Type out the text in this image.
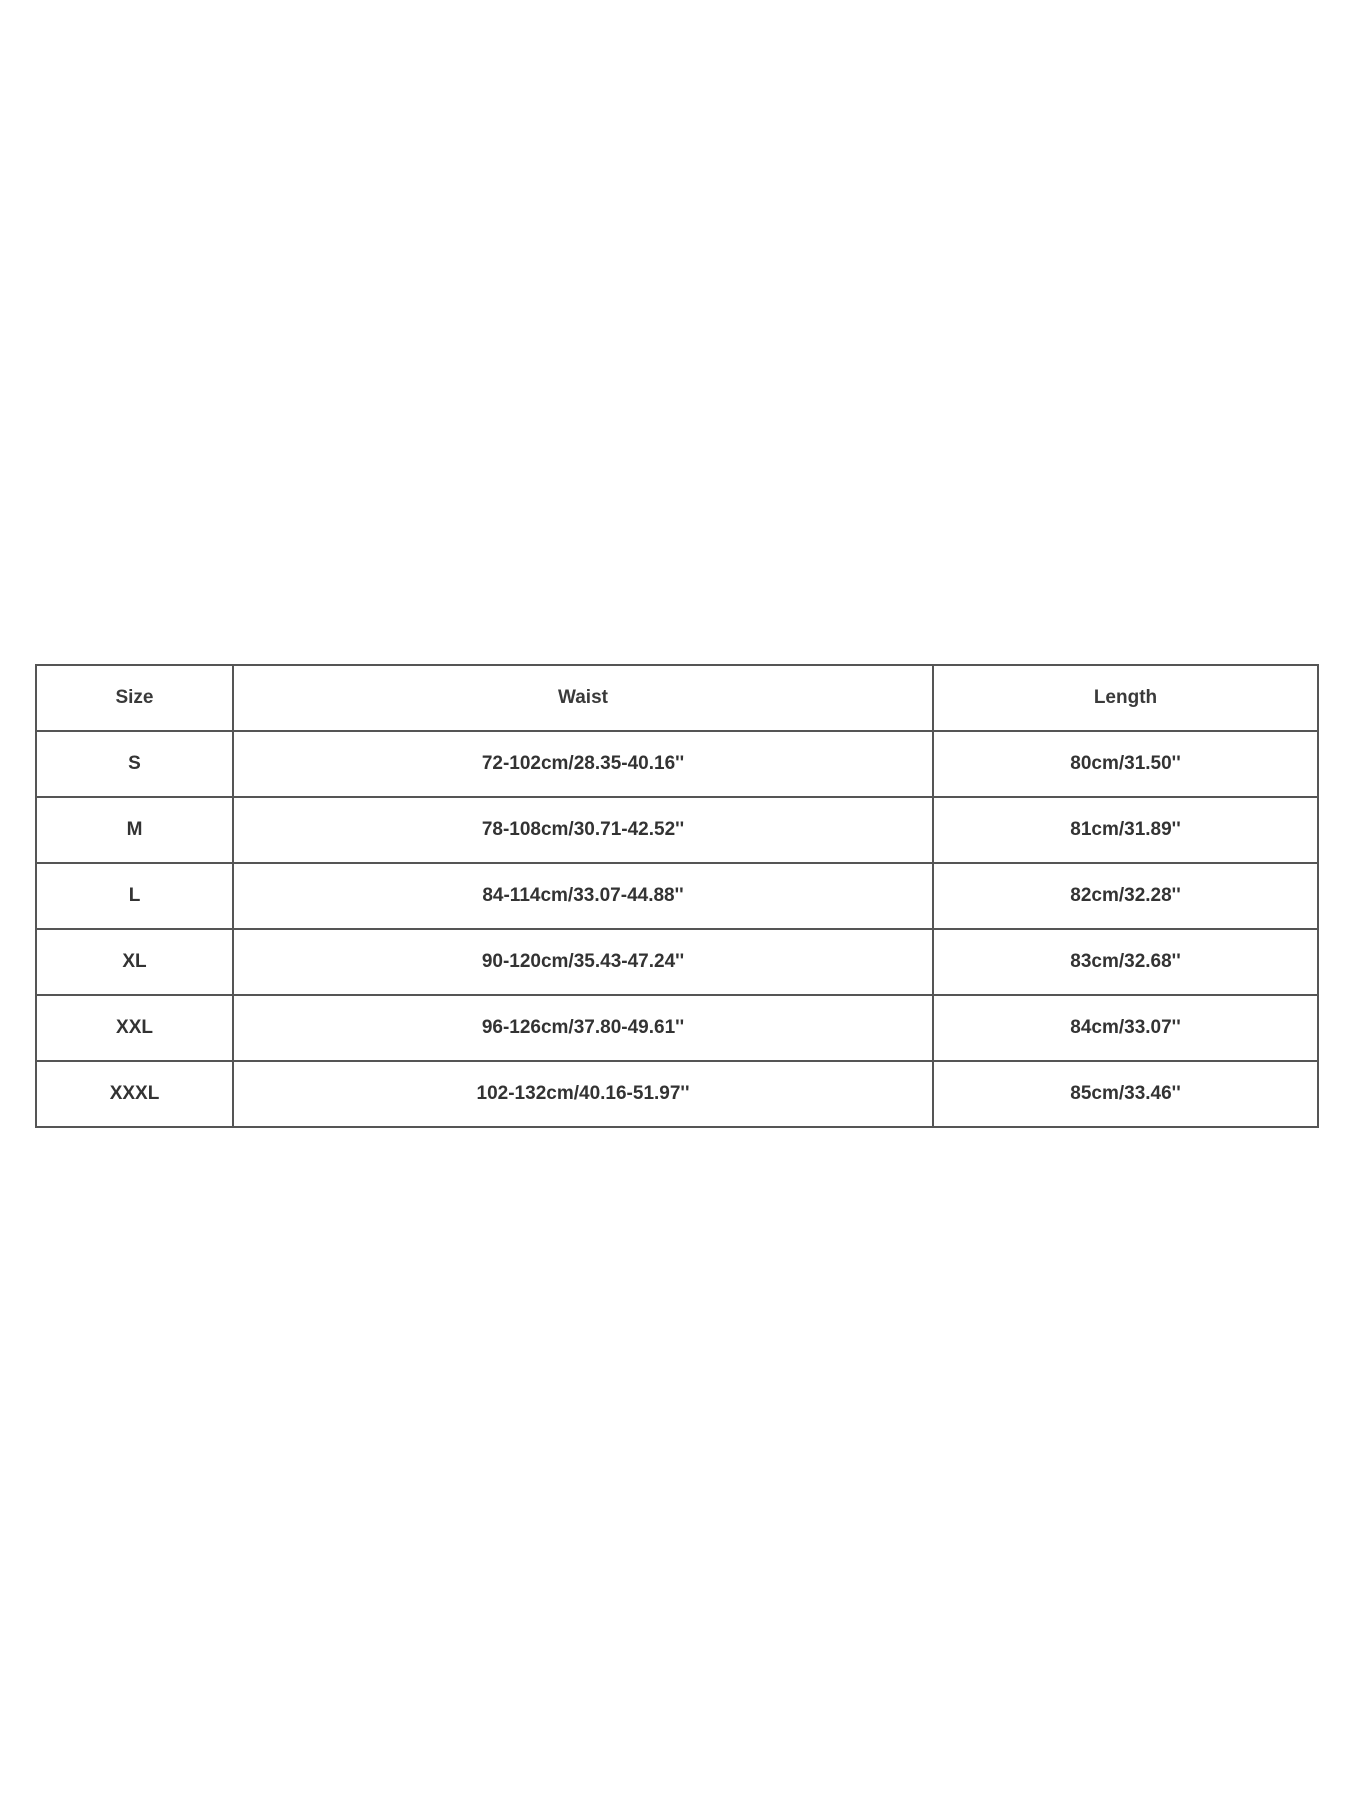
Size	Waist	Length
S	72-102cm/28.35-40.16''	80cm/31.50''
M	78-108cm/30.71-42.52''	81cm/31.89''
L	84-114cm/33.07-44.88''	82cm/32.28''
XL	90-120cm/35.43-47.24''	83cm/32.68''
XXL	96-126cm/37.80-49.61''	84cm/33.07''
XXXL	102-132cm/40.16-51.97''	85cm/33.46''
